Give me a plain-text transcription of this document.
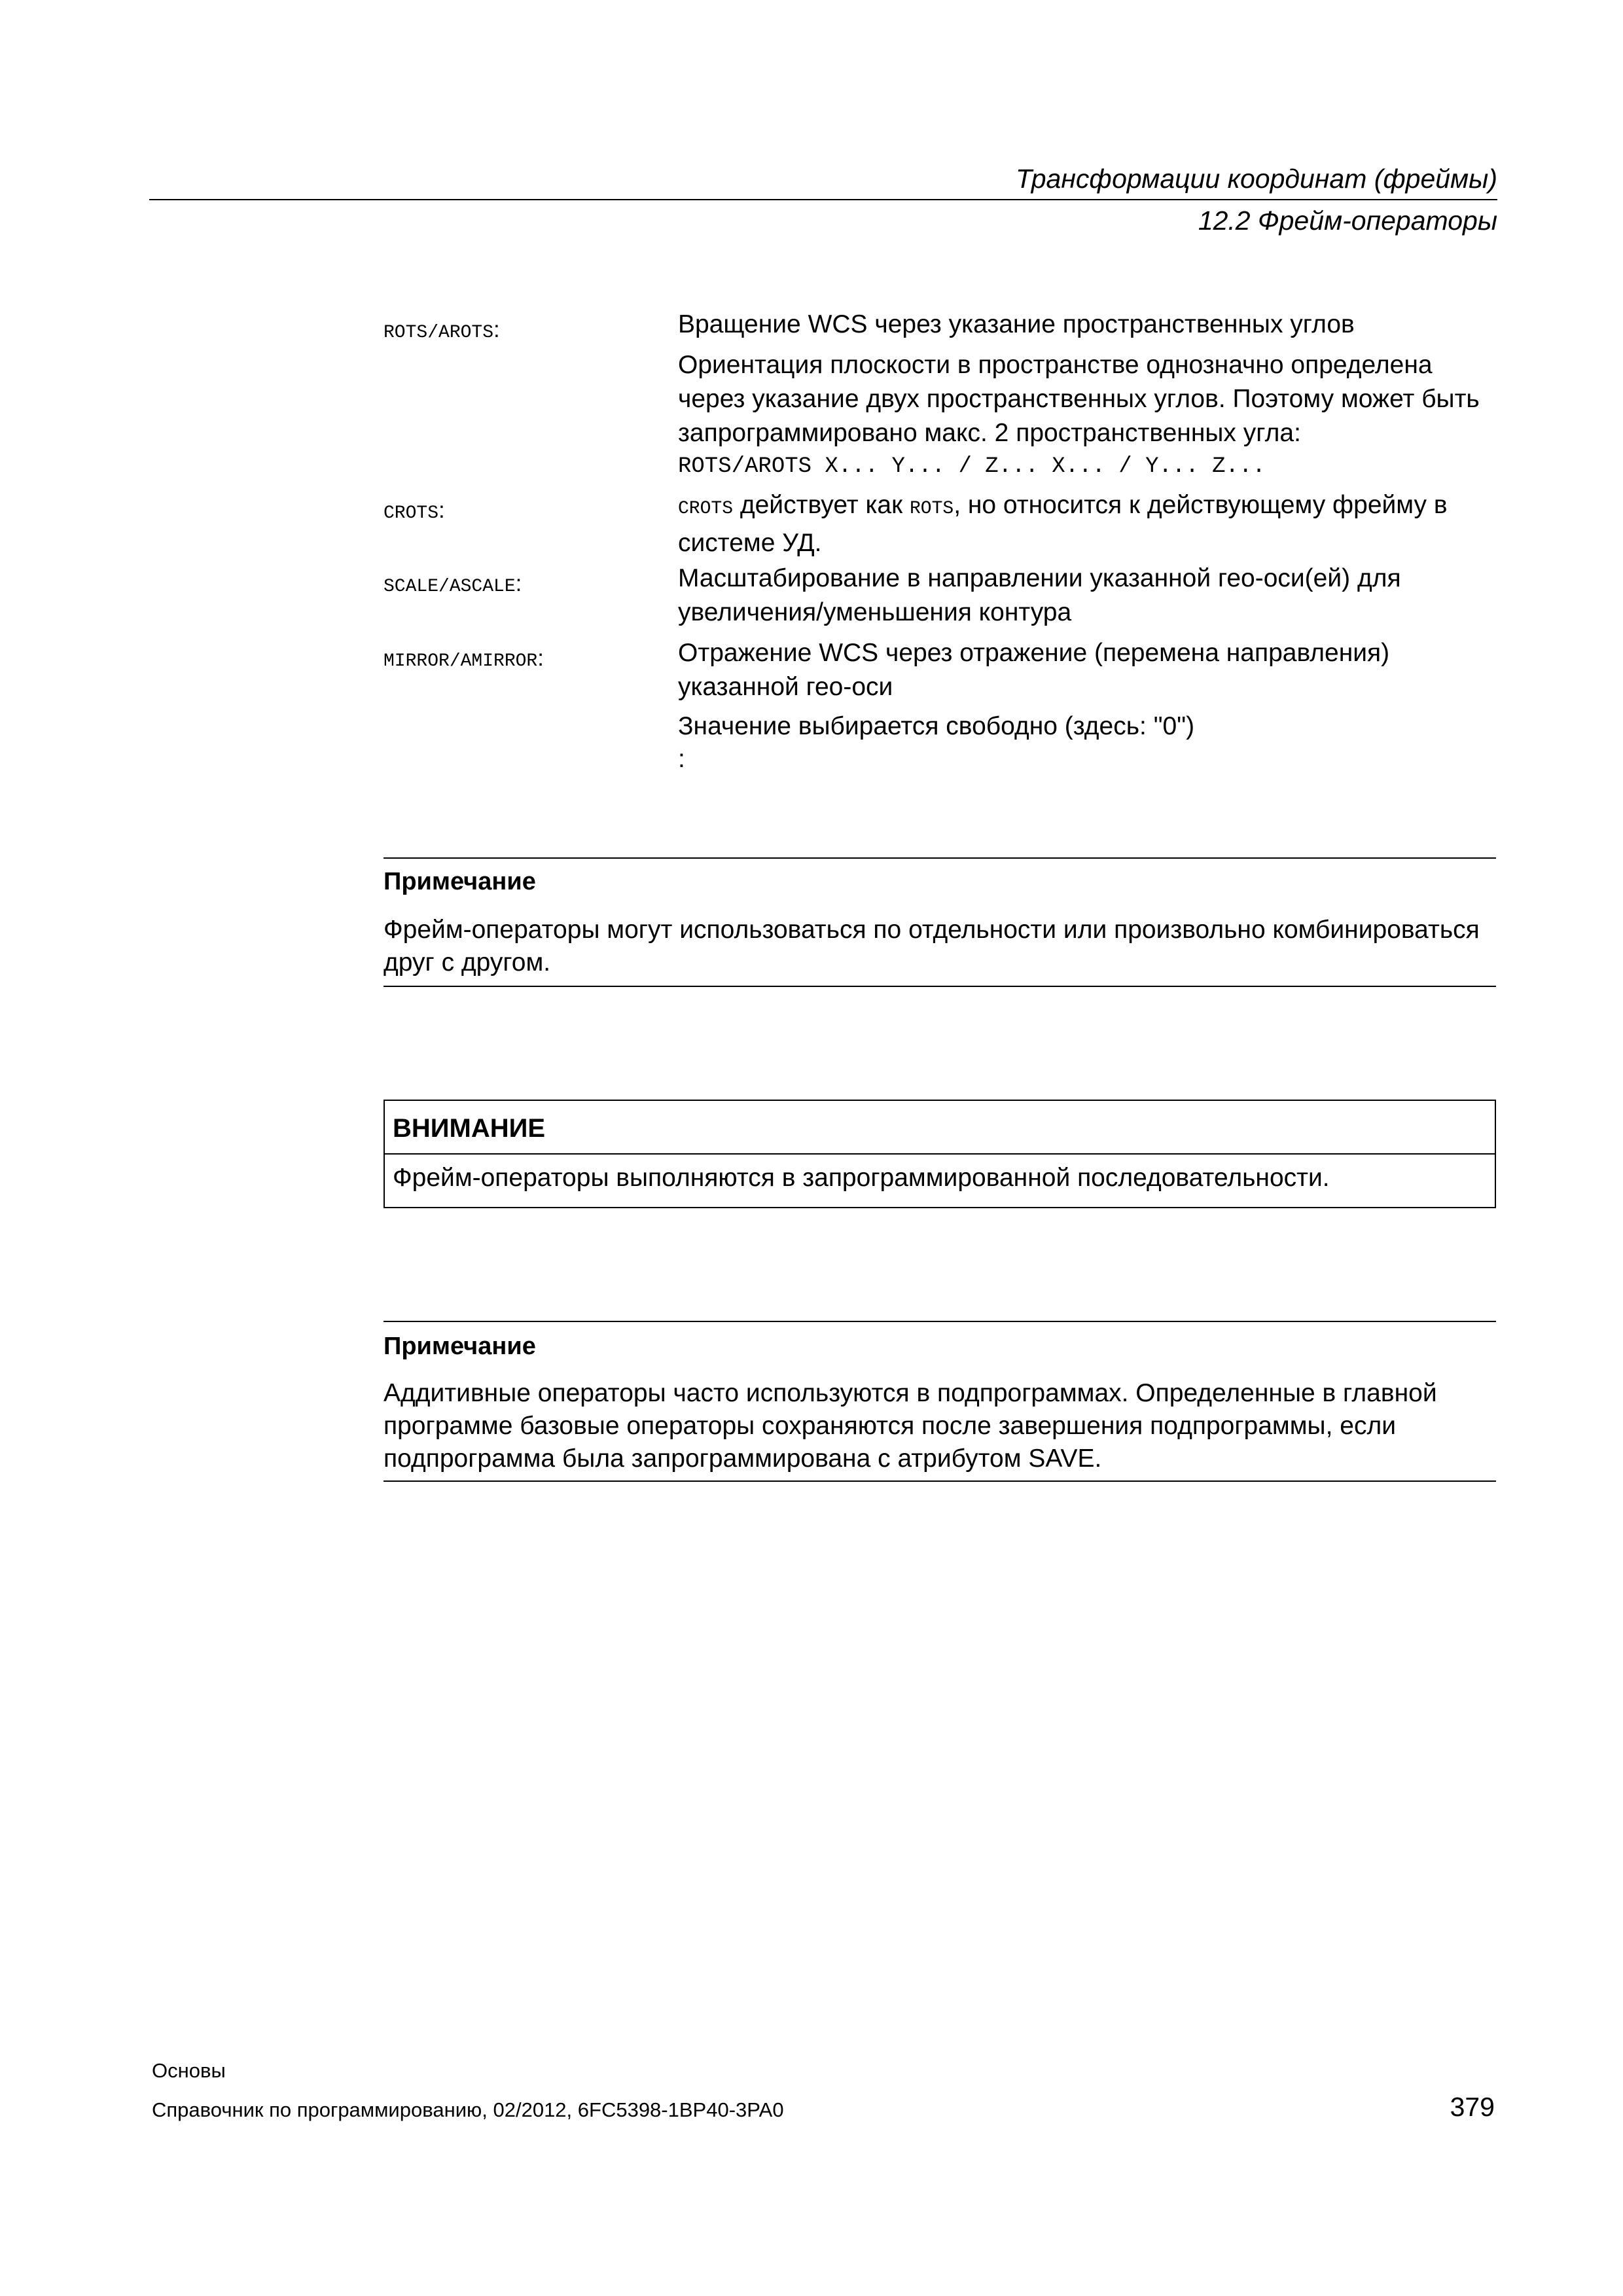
Трансформации координат (фреймы)
12.2 Фрейм-операторы
ROTS/AROTS:	Вращение WCS через указание пространственных углов
Ориентация плоскости в пространстве однозначно определена через указание двух пространственных углов. Поэтому может быть запрограммировано макс. 2 пространственных угла:
ROTS/AROTS X... Y... / Z... X... / Y... Z...
CROTS:	CROTS действует как ROTS, но относится к действующему фрейму в системе УД.
SCALE/ASCALE:	Масштабирование в направлении указанной гео-оси(ей) для увеличения/уменьшения контура
MIRROR/AMIRROR:	Отражение WCS через отражение (перемена направления) указанной гео-оси
Значение выбирается свободно (здесь: "0")
:
Примечание
Фрейм-операторы могут использоваться по отдельности или произвольно комбинироваться друг с другом.
ВНИМАНИЕ
Фрейм-операторы выполняются в запрограммированной последовательности.
Примечание
Аддитивные операторы часто используются в подпрограммах. Определенные в главной программе базовые операторы сохраняются после завершения подпрограммы, если подпрограмма была запрограммирована с атрибутом SAVE.
Основы
Справочник по программированию, 02/2012, 6FC5398-1BP40-3PA0	379
